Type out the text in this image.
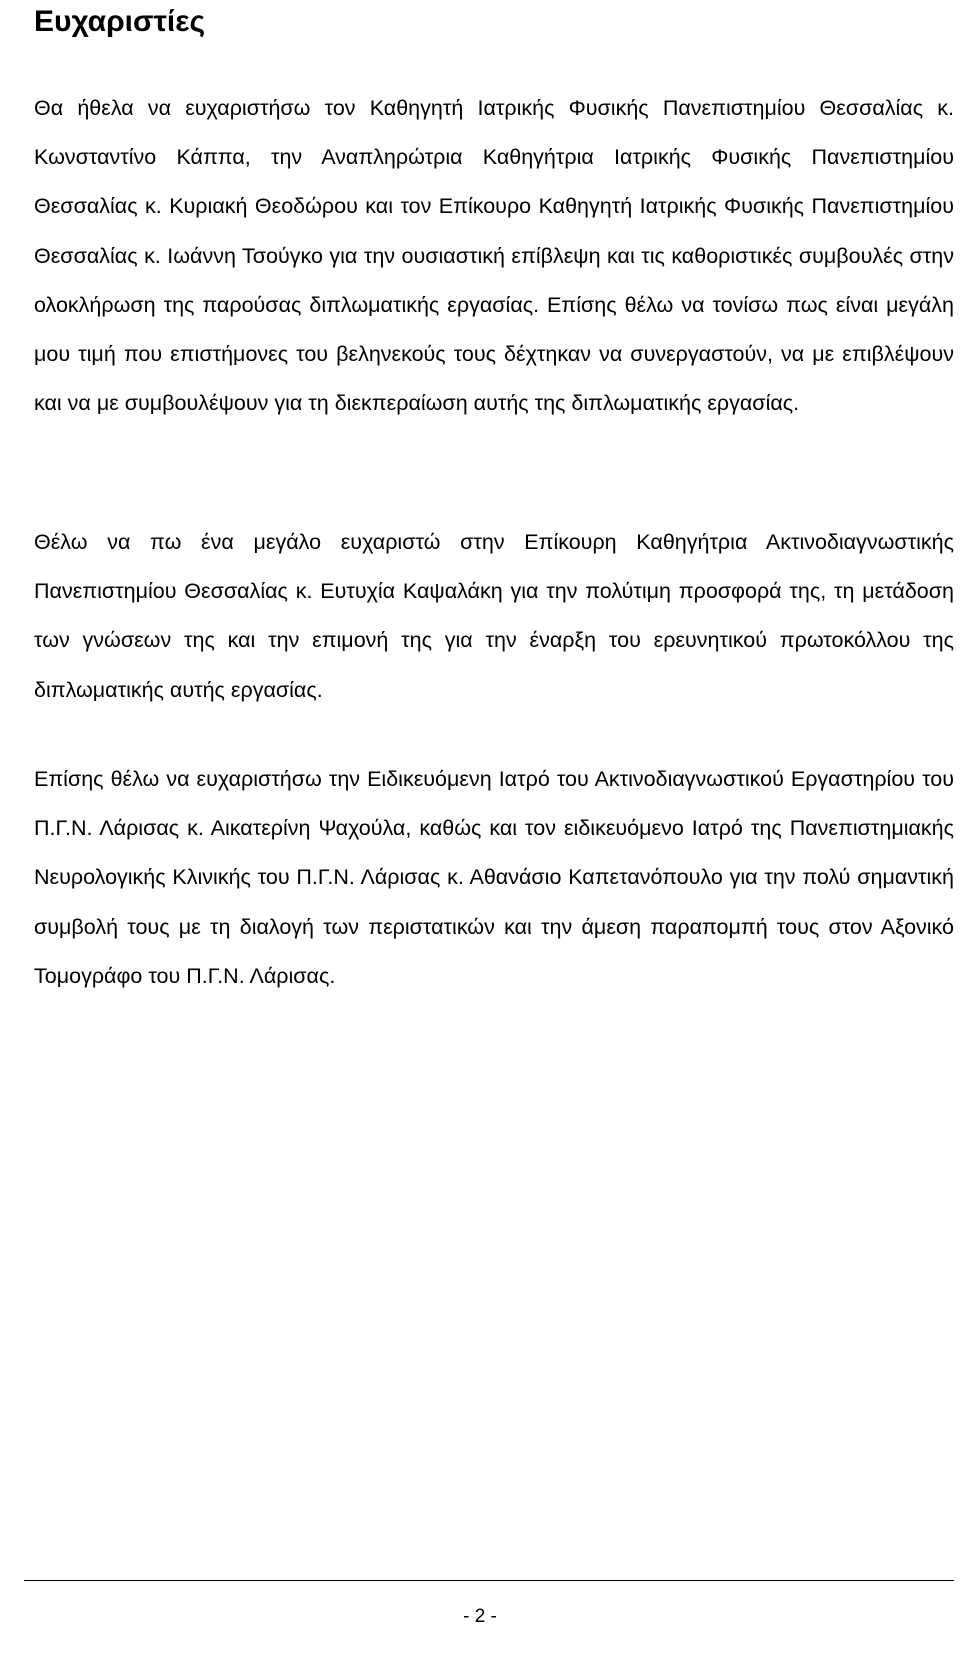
Ευχαριστίες

Θα ήθελα να ευχαριστήσω τον Καθηγητή Ιατρικής Φυσικής Πανεπιστημίου Θεσσαλίας κ. Κωνσταντίνο Κάππα, την Αναπληρώτρια Καθηγήτρια Ιατρικής Φυσικής Πανεπιστημίου Θεσσαλίας κ. Κυριακή Θεοδώρου και τον Επίκουρο Καθηγητή Ιατρικής Φυσικής Πανεπιστημίου Θεσσαλίας κ. Ιωάννη Τσούγκο για την ουσιαστική επίβλεψη και τις καθοριστικές συμβουλές στην ολοκλήρωση της παρούσας διπλωματικής εργασίας. Επίσης θέλω να τονίσω πως είναι μεγάλη μου τιμή που επιστήμονες του βεληνεκούς τους δέχτηκαν να συνεργαστούν, να με επιβλέψουν και να με συμβουλέψουν για τη διεκπεραίωση αυτής της διπλωματικής εργασίας.

Θέλω να πω ένα μεγάλο ευχαριστώ στην Επίκουρη Καθηγήτρια Ακτινοδιαγνωστικής Πανεπιστημίου Θεσσαλίας κ. Ευτυχία Καψαλάκη για την πολύτιμη προσφορά της, τη μετάδοση των γνώσεων της και την επιμονή της για την έναρξη του ερευνητικού πρωτοκόλλου της διπλωματικής αυτής εργασίας.

Επίσης θέλω να ευχαριστήσω την Ειδικευόμενη Ιατρό του Ακτινοδιαγνωστικού Εργαστηρίου του Π.Γ.Ν. Λάρισας κ. Αικατερίνη Ψαχούλα, καθώς και τον ειδικευόμενο Ιατρό της Πανεπιστημιακής Νευρολογικής Κλινικής του Π.Γ.Ν. Λάρισας κ. Αθανάσιο Καπετανόπουλο για την πολύ σημαντική συμβολή τους με τη διαλογή των περιστατικών και την άμεση παραπομπή τους στον Αξονικό Τομογράφο του Π.Γ.Ν. Λάρισας.

- 2 -
